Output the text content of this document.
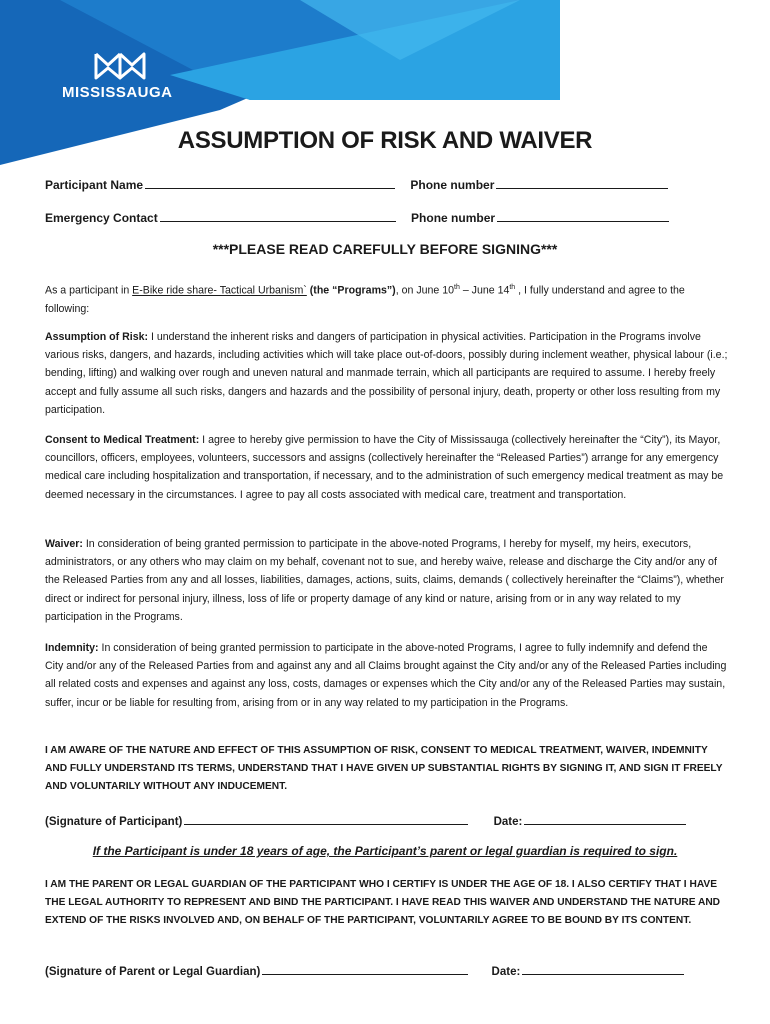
MISSISSAUGA
ASSUMPTION OF RISK AND WAIVER
Participant Name	Phone number
Emergency Contact	Phone number
***PLEASE READ CAREFULLY BEFORE SIGNING***
As a participant in E-Bike ride share- Tactical Urbanism` (the “Programs”), on June 10th – June 14th , I fully understand and agree to the following:
Assumption of Risk: I understand the inherent risks and dangers of participation in physical activities. Participation in the Programs involve various risks, dangers, and hazards, including activities which will take place out-of-doors, possibly during inclement weather, physical labour (i.e.; bending, lifting) and walking over rough and uneven natural and manmade terrain, which all participants are required to assume. I hereby freely accept and fully assume all such risks, dangers and hazards and the possibility of personal injury, death, property or other loss resulting from my participation.
Consent to Medical Treatment: I agree to hereby give permission to have the City of Mississauga (collectively hereinafter the “City”), its Mayor, councillors, officers, employees, volunteers, successors and assigns (collectively hereinafter the “Released Parties”) arrange for any emergency medical care including hospitalization and transportation, if necessary, and to the administration of such emergency medical treatment as may be deemed necessary in the circumstances. I agree to pay all costs associated with medical care, treatment and transportation.
Waiver: In consideration of being granted permission to participate in the above-noted Programs, I hereby for myself, my heirs, executors, administrators, or any others who may claim on my behalf, covenant not to sue, and hereby waive, release and discharge the City and/or any of the Released Parties from any and all losses, liabilities, damages, actions, suits, claims, demands ( collectively hereinafter the “Claims”), whether direct or indirect for personal injury, illness, loss of life or property damage of any kind or nature, arising from or in any way related to my participation in the Programs.
Indemnity: In consideration of being granted permission to participate in the above-noted Programs, I agree to fully indemnify and defend the City and/or any of the Released Parties from and against any and all Claims brought against the City and/or any of the Released Parties including all related costs and expenses and against any loss, costs, damages or expenses which the City and/or any of the Released Parties may sustain, suffer, incur or be liable for resulting from, arising from or in any way related to my participation in the Programs.
I AM AWARE OF THE NATURE AND EFFECT OF THIS ASSUMPTION OF RISK, CONSENT TO MEDICAL TREATMENT, WAIVER, INDEMNITY AND FULLY UNDERSTAND ITS TERMS, UNDERSTAND THAT I HAVE GIVEN UP SUBSTANTIAL RIGHTS BY SIGNING IT, AND SIGN IT FREELY AND VOLUNTARILY WITHOUT ANY INDUCEMENT.
(Signature of Participant)	Date:
If the Participant is under 18 years of age, the Participant’s parent or legal guardian is required to sign.
I AM THE PARENT OR LEGAL GUARDIAN OF THE PARTICIPANT WHO I CERTIFY IS UNDER THE AGE OF 18. I ALSO CERTIFY THAT I HAVE THE LEGAL AUTHORITY TO REPRESENT AND BIND THE PARTICIPANT. I HAVE READ THIS WAIVER AND UNDERSTAND THE NATURE AND EXTEND OF THE RISKS INVOLVED AND, ON BEHALF OF THE PARTICIPANT, VOLUNTARILY AGREE TO BE BOUND BY ITS CONTENT.
(Signature of Parent or Legal Guardian)	Date:
